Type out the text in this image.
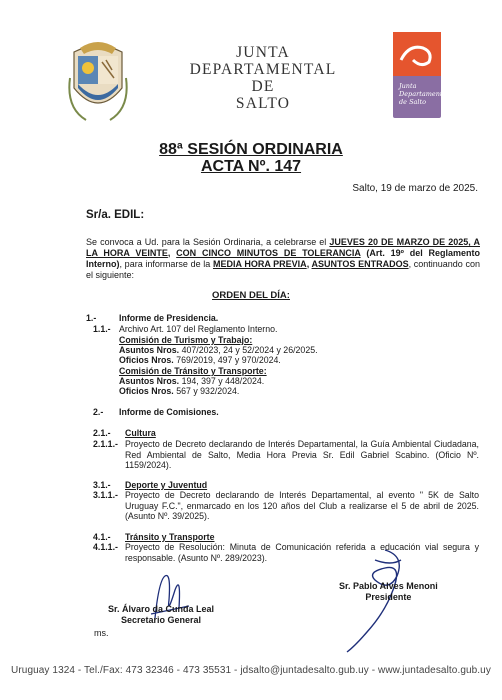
JUNTA
DEPARTAMENTAL
DE
SALTO
Junta
Departamental
de Salto
88ª SESIÓN ORDINARIA
ACTA Nº. 147
Salto, 19 de marzo de 2025.
Sr/a. EDIL:
Se convoca a Ud. para la Sesión Ordinaria, a celebrarse el JUEVES 20 DE MARZO DE 2025, A LA HORA VEINTE, CON CINCO MINUTOS DE TOLERANCIA (Art. 19º del Reglamento Interno), para informarse de la MEDIA HORA PREVIA, ASUNTOS ENTRADOS, continuando con el siguiente:
ORDEN DEL DÍA:
1.-	Informe de Presidencia.
1.1.- Archivo Art. 107 del Reglamento Interno.
Comisión de Turismo y Trabajo:
Asuntos Nros. 407/2023, 24 y 52/2024 y 26/2025.
Oficios Nros. 769/2019, 497 y 970/2024.
Comisión de Tránsito y Transporte:
Asuntos Nros. 194, 397 y 448/2024.
Oficios Nros. 567 y 932/2024.
2.- Informe de Comisiones.
2.1.- Cultura
2.1.1.- Proyecto de Decreto declarando de Interés Departamental, la Guía Ambiental Ciudadana, Red Ambiental de Salto, Media Hora Previa Sr. Edil Gabriel Scabino. (Oficio Nº. 1159/2024).
3.1.- Deporte y Juventud
3.1.1.- Proyecto de Decreto declarando de Interés Departamental, al evento " 5K de Salto Uruguay F.C.", enmarcado en los 120 años del Club a realizarse el 5 de abril de 2025. (Asunto Nº. 39/2025).
4.1.- Tránsito y Transporte
4.1.1.- Proyecto de Resolución: Minuta de Comunicación referida a educación vial segura y responsable. (Asunto Nº. 289/2023).
Sr. Álvaro da Cunda Leal
Secretario General
Sr. Pablo Alves Menoni
Presidente
ms.
Uruguay 1324 - Tel./Fax: 473 32346 - 473 35531 - jdsalto@juntadesalto.gub.uy - www.juntadesalto.gub.uy
